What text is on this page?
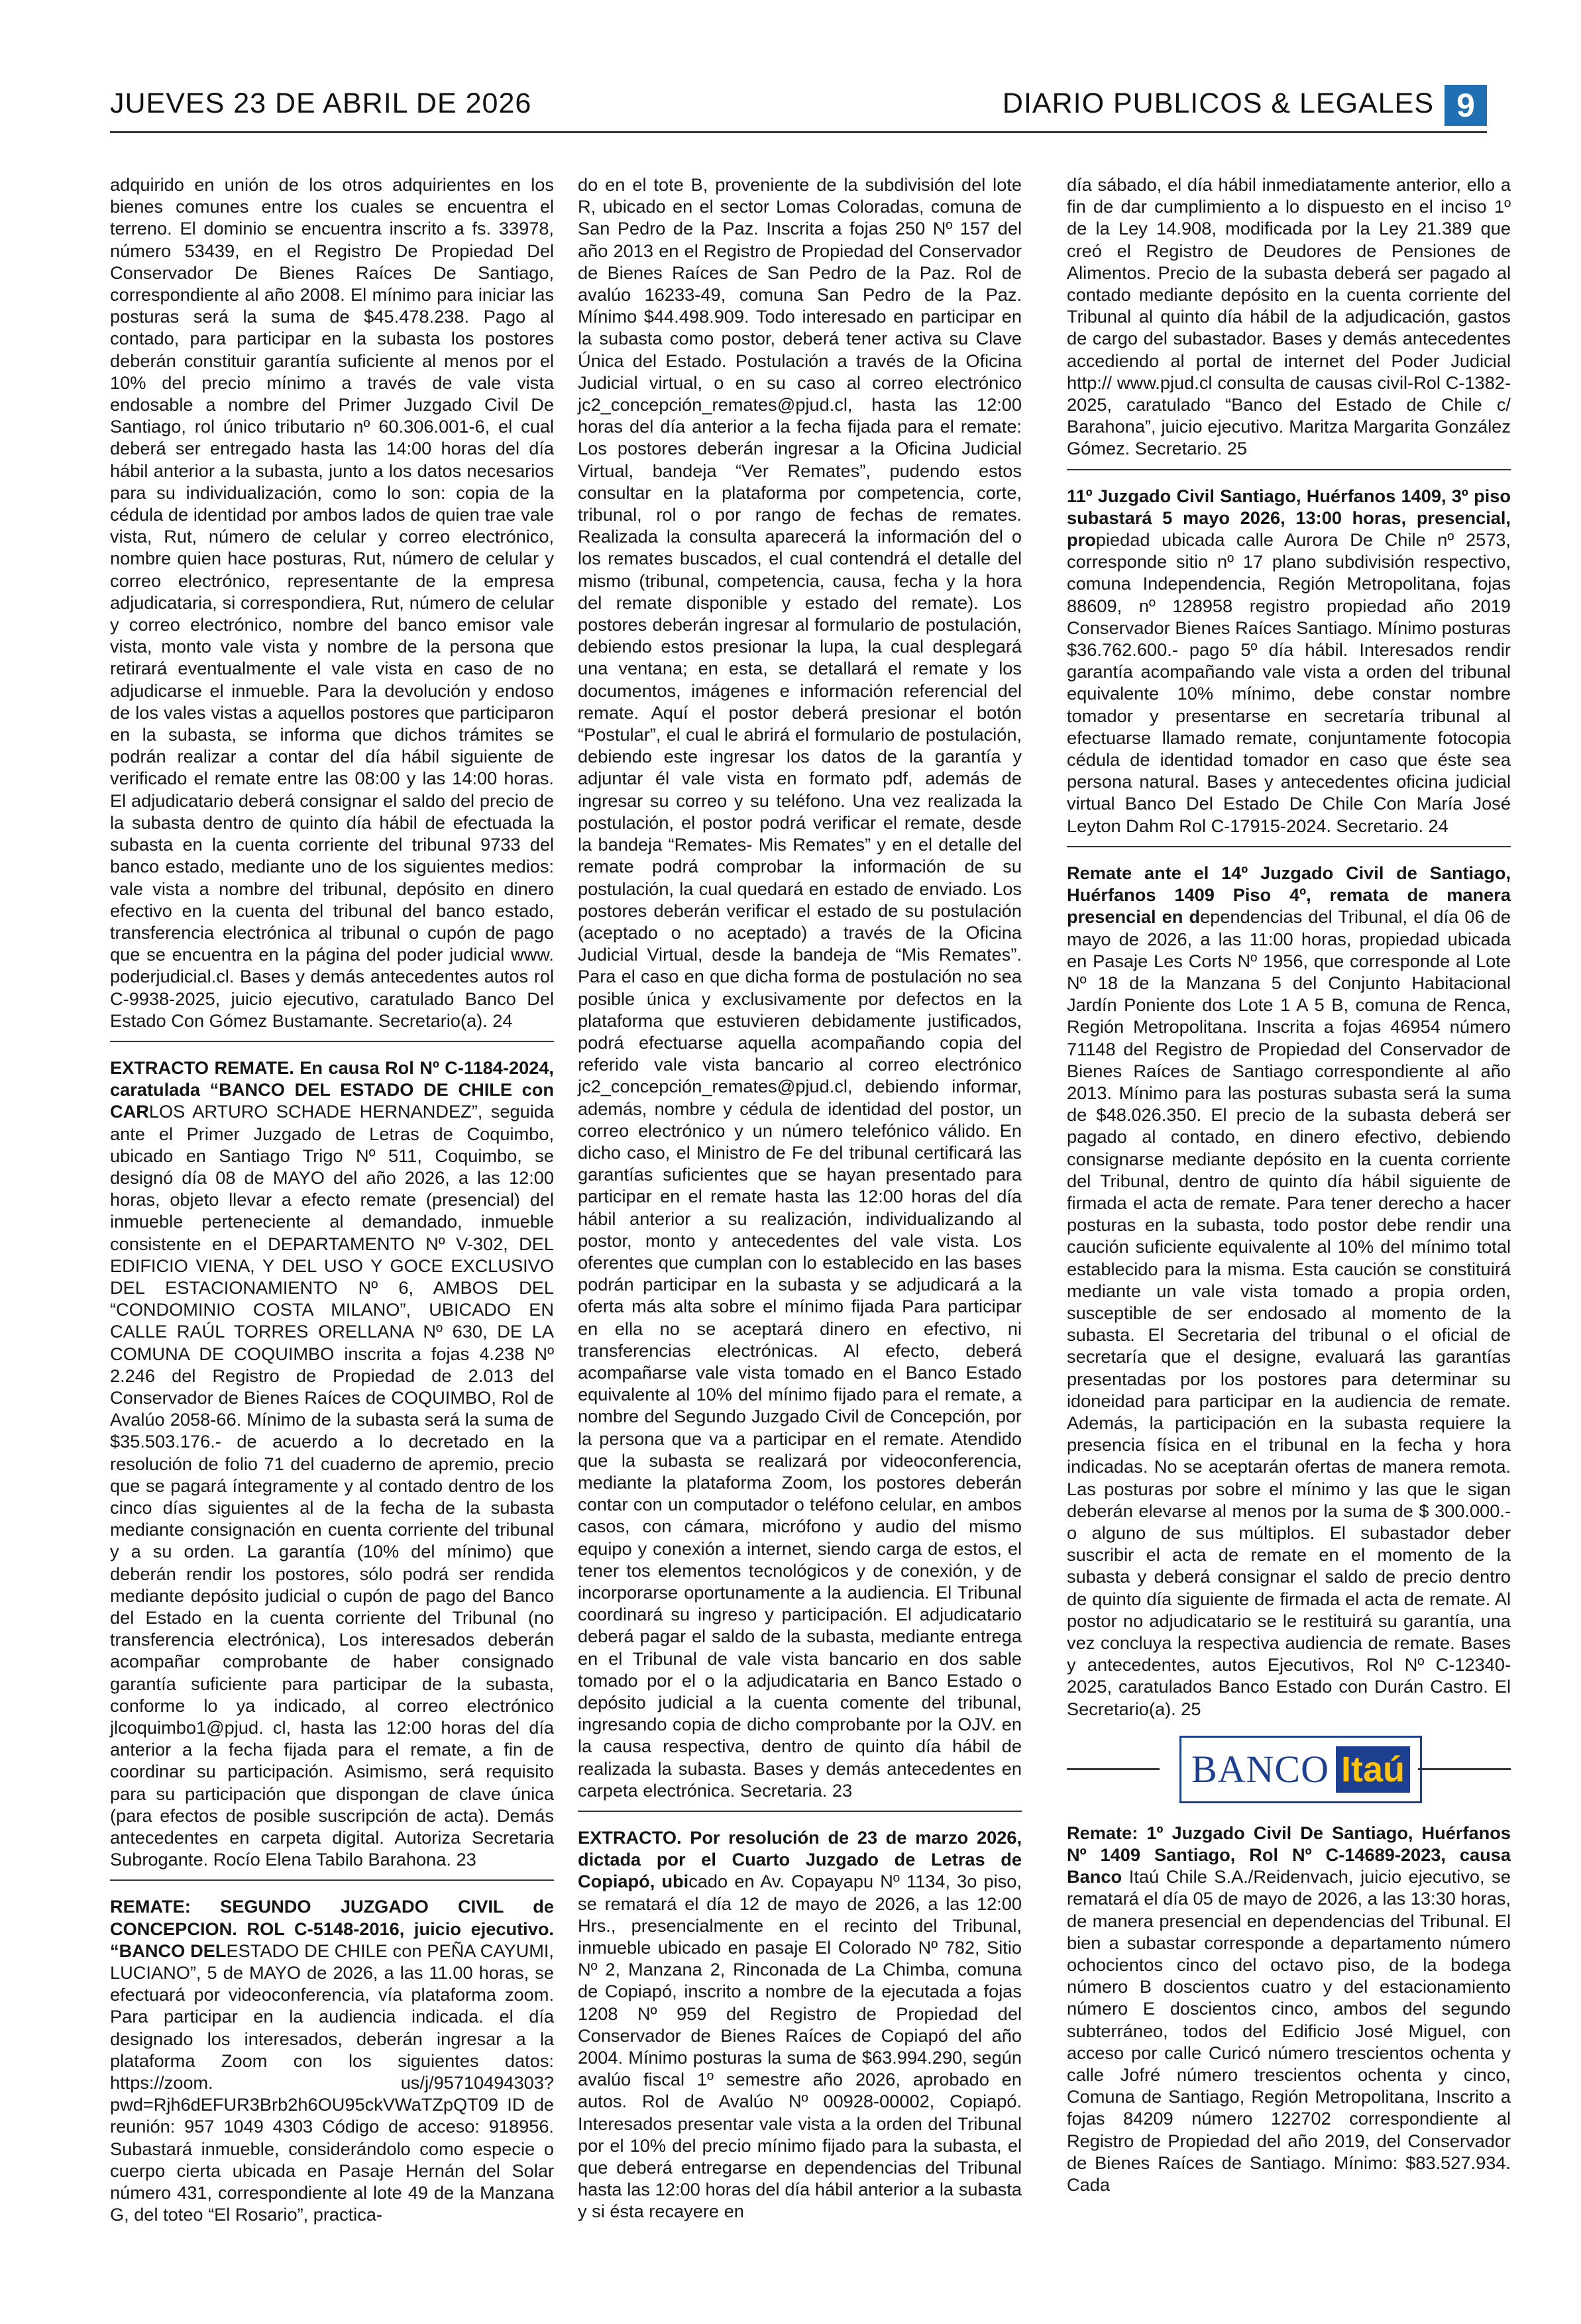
JUEVES 23 DE ABRIL DE 2026	DIARIO PUBLICOS & LEGALES 9

adquirido en unión de los otros adquirientes en los bienes comunes entre los cuales se encuentra el terreno. El dominio se encuentra inscrito a fs. 33978, número 53439, en el Registro De Propiedad Del Conservador De Bienes Raíces De Santiago, correspondiente al año 2008. El mínimo para iniciar las posturas será la suma de $45.478.238. Pago al contado, para participar en la subasta los postores deberán constituir garantía suficiente al menos por el 10% del precio mínimo a través de vale vista endosable a nombre del Primer Juzgado Civil De Santiago, rol único tributario nº 60.306.001-6, el cual deberá ser entregado hasta las 14:00 horas del día hábil anterior a la subasta, junto a los datos necesarios para su individualización, como lo son: copia de la cédula de identidad por ambos lados de quien trae vale vista, Rut, número de celular y correo electrónico, nombre quien hace posturas, Rut, número de celular y correo electrónico, representante de la empresa adjudicataria, si correspondiera, Rut, número de celular y correo electrónico, nombre del banco emisor vale vista, monto vale vista y nombre de la persona que retirará eventualmente el vale vista en caso de no adjudicarse el inmueble. Para la devolución y endoso de los vales vistas a aquellos postores que participaron en la subasta, se informa que dichos trámites se podrán realizar a contar del día hábil siguiente de verificado el remate entre las 08:00 y las 14:00 horas. El adjudicatario deberá consignar el saldo del precio de la subasta dentro de quinto día hábil de efectuada la subasta en la cuenta corriente del tribunal 9733 del banco estado, mediante uno de los siguientes medios: vale vista a nombre del tribunal, depósito en dinero efectivo en la cuenta del tribunal del banco estado, transferencia electrónica al tribunal o cupón de pago que se encuentra en la página del poder judicial www. poderjudicial.cl. Bases y demás antecedentes autos rol C-9938-2025, juicio ejecutivo, caratulado Banco Del Estado Con Gómez Bustamante. Secretario(a). 24

EXTRACTO REMATE. En causa Rol Nº C-1184-2024, caratulada “BANCO DEL ESTADO DE CHILE con CARLOS ARTURO SCHADE HERNANDEZ”, seguida ante el Primer Juzgado de Letras de Coquimbo, ubicado en Santiago Trigo Nº 511, Coquimbo, se designó día 08 de MAYO del año 2026, a las 12:00 horas, objeto llevar a efecto remate (presencial) del inmueble perteneciente al demandado, inmueble consistente en el DEPARTAMENTO Nº V-302, DEL EDIFICIO VIENA, Y DEL USO Y GOCE EXCLUSIVO DEL ESTACIONAMIENTO Nº 6, AMBOS DEL “CONDOMINIO COSTA MILANO”, UBICADO EN CALLE RAÚL TORRES ORELLANA Nº 630, DE LA COMUNA DE COQUIMBO inscrita a fojas 4.238 Nº 2.246 del Registro de Propiedad de 2.013 del Conservador de Bienes Raíces de COQUIMBO, Rol de Avalúo 2058-66. Mínimo de la subasta será la suma de $35.503.176.- de acuerdo a lo decretado en la resolución de folio 71 del cuaderno de apremio, precio que se pagará íntegramente y al contado dentro de los cinco días siguientes al de la fecha de la subasta mediante consignación en cuenta corriente del tribunal y a su orden. La garantía (10% del mínimo) que deberán rendir los postores, sólo podrá ser rendida mediante depósito judicial o cupón de pago del Banco del Estado en la cuenta corriente del Tribunal (no transferencia electrónica), Los interesados deberán acompañar comprobante de haber consignado garantía suficiente para participar de la subasta, conforme lo ya indicado, al correo electrónico jlcoquimbo1@pjud. cl, hasta las 12:00 horas del día anterior a la fecha fijada para el remate, a fin de coordinar su participación. Asimismo, será requisito para su participación que dispongan de clave única (para efectos de posible suscripción de acta). Demás antecedentes en carpeta digital. Autoriza Secretaria Subrogante. Rocío Elena Tabilo Barahona. 23

REMATE: SEGUNDO JUZGADO CIVIL de CONCEPCION. ROL C-5148-2016, juicio ejecutivo. “BANCO DELESTADO DE CHILE con PEÑA CAYUMI, LUCIANO”, 5 de MAYO de 2026, a las 11.00 horas, se efectuará por videoconferencia, vía plataforma zoom. Para participar en la audiencia indicada. el día designado los interesados, deberán ingresar a la plataforma Zoom con los siguientes datos: https://zoom. us/j/95710494303?pwd=Rjh6dEFUR3Brb2h6OU95ckVWaTZpQT09 ID de reunión: 957 1049 4303 Código de acceso: 918956. Subastará inmueble, considerándolo como especie o cuerpo cierta ubicada en Pasaje Hernán del Solar número 431, correspondiente al lote 49 de la Manzana G, del toteo “El Rosario”, practica-

do en el tote B, proveniente de la subdivisión del lote R, ubicado en el sector Lomas Coloradas, comuna de San Pedro de la Paz. Inscrita a fojas 250 Nº 157 del año 2013 en el Registro de Propiedad del Conservador de Bienes Raíces de San Pedro de la Paz. Rol de avalúo 16233-49, comuna San Pedro de la Paz. Mínimo $44.498.909. Todo interesado en participar en la subasta como postor, deberá tener activa su Clave Única del Estado. Postulación a través de la Oficina Judicial virtual, o en su caso al correo electrónico jc2_concepción_remates@pjud.cl, hasta las 12:00 horas del día anterior a la fecha fijada para el remate: Los postores deberán ingresar a la Oficina Judicial Virtual, bandeja “Ver Remates”, pudendo estos consultar en la plataforma por competencia, corte, tribunal, rol o por rango de fechas de remates. Realizada la consulta aparecerá la información del o los remates buscados, el cual contendrá el detalle del mismo (tribunal, competencia, causa, fecha y la hora del remate disponible y estado del remate). Los postores deberán ingresar al formulario de postulación, debiendo estos presionar la lupa, la cual desplegará una ventana; en esta, se detallará el remate y los documentos, imágenes e información referencial del remate. Aquí el postor deberá presionar el botón “Postular”, el cual le abrirá el formulario de postulación, debiendo este ingresar los datos de la garantía y adjuntar él vale vista en formato pdf, además de ingresar su correo y su teléfono. Una vez realizada la postulación, el postor podrá verificar el remate, desde la bandeja “Remates- Mis Remates” y en el detalle del remate podrá comprobar la información de su postulación, la cual quedará en estado de enviado. Los postores deberán verificar el estado de su postulación (aceptado o no aceptado) a través de la Oficina Judicial Virtual, desde la bandeja de “Mis Remates”. Para el caso en que dicha forma de postulación no sea posible única y exclusivamente por defectos en la plataforma que estuvieren debidamente justificados, podrá efectuarse aquella acompañando copia del referido vale vista bancario al correo electrónico jc2_concepción_remates@pjud.cl, debiendo informar, además, nombre y cédula de identidad del postor, un correo electrónico y un número telefónico válido. En dicho caso, el Ministro de Fe del tribunal certificará las garantías suficientes que se hayan presentado para participar en el remate hasta las 12:00 horas del día hábil anterior a su realización, individualizando al postor, monto y antecedentes del vale vista. Los oferentes que cumplan con lo establecido en las bases podrán participar en la subasta y se adjudicará a la oferta más alta sobre el mínimo fijada Para participar en ella no se aceptará dinero en efectivo, ni transferencias electrónicas. Al efecto, deberá acompañarse vale vista tomado en el Banco Estado equivalente al 10% del mínimo fijado para el remate, a nombre del Segundo Juzgado Civil de Concepción, por la persona que va a participar en el remate. Atendido que la subasta se realizará por videoconferencia, mediante la plataforma Zoom, los postores deberán contar con un computador o teléfono celular, en ambos casos, con cámara, micrófono y audio del mismo equipo y conexión a internet, siendo carga de estos, el tener tos elementos tecnológicos y de conexión, y de incorporarse oportunamente a la audiencia. El Tribunal coordinará su ingreso y participación. El adjudicatario deberá pagar el saldo de la subasta, mediante entrega en el Tribunal de vale vista bancario en dos sable tomado por el o la adjudicataria en Banco Estado o depósito judicial a la cuenta comente del tribunal, ingresando copia de dicho comprobante por la OJV. en la causa respectiva, dentro de quinto día hábil de realizada la subasta. Bases y demás antecedentes en carpeta electrónica. Secretaria. 23

EXTRACTO. Por resolución de 23 de marzo 2026, dictada por el Cuarto Juzgado de Letras de Copiapó, ubicado en Av. Copayapu Nº 1134, 3o piso, se rematará el día 12 de mayo de 2026, a las 12:00 Hrs., presencialmente en el recinto del Tribunal, inmueble ubicado en pasaje El Colorado Nº 782, Sitio Nº 2, Manzana 2, Rinconada de La Chimba, comuna de Copiapó, inscrito a nombre de la ejecutada a fojas 1208 Nº 959 del Registro de Propiedad del Conservador de Bienes Raíces de Copiapó del año 2004. Mínimo posturas la suma de $63.994.290, según avalúo fiscal 1º semestre año 2026, aprobado en autos. Rol de Avalúo Nº 00928-00002, Copiapó. Interesados presentar vale vista a la orden del Tribunal por el 10% del precio mínimo fijado para la subasta, el que deberá entregarse en dependencias del Tribunal hasta las 12:00 horas del día hábil anterior a la subasta y si ésta recayere en

día sábado, el día hábil inmediatamente anterior, ello a fin de dar cumplimiento a lo dispuesto en el inciso 1º de la Ley 14.908, modificada por la Ley 21.389 que creó el Registro de Deudores de Pensiones de Alimentos. Precio de la subasta deberá ser pagado al contado mediante depósito en la cuenta corriente del Tribunal al quinto día hábil de la adjudicación, gastos de cargo del subastador. Bases y demás antecedentes accediendo al portal de internet del Poder Judicial http:// www.pjud.cl consulta de causas civil-Rol C-1382-2025, caratulado “Banco del Estado de Chile c/ Barahona”, juicio ejecutivo. Maritza Margarita González Gómez. Secretario. 25

11º Juzgado Civil Santiago, Huérfanos 1409, 3º piso subastará 5 mayo 2026, 13:00 horas, presencial, propiedad ubicada calle Aurora De Chile nº 2573, corresponde sitio nº 17 plano subdivisión respectivo, comuna Independencia, Región Metropolitana, fojas 88609, nº 128958 registro propiedad año 2019 Conservador Bienes Raíces Santiago. Mínimo posturas $36.762.600.- pago 5º día hábil. Interesados rendir garantía acompañando vale vista a orden del tribunal equivalente 10% mínimo, debe constar nombre tomador y presentarse en secretaría tribunal al efectuarse llamado remate, conjuntamente fotocopia cédula de identidad tomador en caso que éste sea persona natural. Bases y antecedentes oficina judicial virtual Banco Del Estado De Chile Con María José Leyton Dahm Rol C-17915-2024. Secretario. 24

Remate ante el 14º Juzgado Civil de Santiago, Huérfanos 1409 Piso 4º, remata de manera presencial en dependencias del Tribunal, el día 06 de mayo de 2026, a las 11:00 horas, propiedad ubicada en Pasaje Les Corts Nº 1956, que corresponde al Lote Nº 18 de la Manzana 5 del Conjunto Habitacional Jardín Poniente dos Lote 1 A 5 B, comuna de Renca, Región Metropolitana. Inscrita a fojas 46954 número 71148 del Registro de Propiedad del Conservador de Bienes Raíces de Santiago correspondiente al año 2013. Mínimo para las posturas subasta será la suma de $48.026.350. El precio de la subasta deberá ser pagado al contado, en dinero efectivo, debiendo consignarse mediante depósito en la cuenta corriente del Tribunal, dentro de quinto día hábil siguiente de firmada el acta de remate. Para tener derecho a hacer posturas en la subasta, todo postor debe rendir una caución suficiente equivalente al 10% del mínimo total establecido para la misma. Esta caución se constituirá mediante un vale vista tomado a propia orden, susceptible de ser endosado al momento de la subasta. El Secretaria del tribunal o el oficial de secretaría que el designe, evaluará las garantías presentadas por los postores para determinar su idoneidad para participar en la audiencia de remate. Además, la participación en la subasta requiere la presencia física en el tribunal en la fecha y hora indicadas. No se aceptarán ofertas de manera remota. Las posturas por sobre el mínimo y las que le sigan deberán elevarse al menos por la suma de $ 300.000.- o alguno de sus múltiplos. El subastador deber suscribir el acta de remate en el momento de la subasta y deberá consignar el saldo de precio dentro de quinto día siguiente de firmada el acta de remate. Al postor no adjudicatario se le restituirá su garantía, una vez concluya la respectiva audiencia de remate. Bases y antecedentes, autos Ejecutivos, Rol Nº C-12340-2025, caratulados Banco Estado con Durán Castro. El Secretario(a). 25

BANCO Itaú

Remate: 1º Juzgado Civil De Santiago, Huérfanos Nº 1409 Santiago, Rol Nº C-14689-2023, causa Banco Itaú Chile S.A./Reidenvach, juicio ejecutivo, se rematará el día 05 de mayo de 2026, a las 13:30 horas, de manera presencial en dependencias del Tribunal. El bien a subastar corresponde a departamento número ochocientos cinco del octavo piso, de la bodega número B doscientos cuatro y del estacionamiento número E doscientos cinco, ambos del segundo subterráneo, todos del Edificio José Miguel, con acceso por calle Curicó número trescientos ochenta y calle Jofré número trescientos ochenta y cinco, Comuna de Santiago, Región Metropolitana, Inscrito a fojas 84209 número 122702 correspondiente al Registro de Propiedad del año 2019, del Conservador de Bienes Raíces de Santiago. Mínimo: $83.527.934. Cada
